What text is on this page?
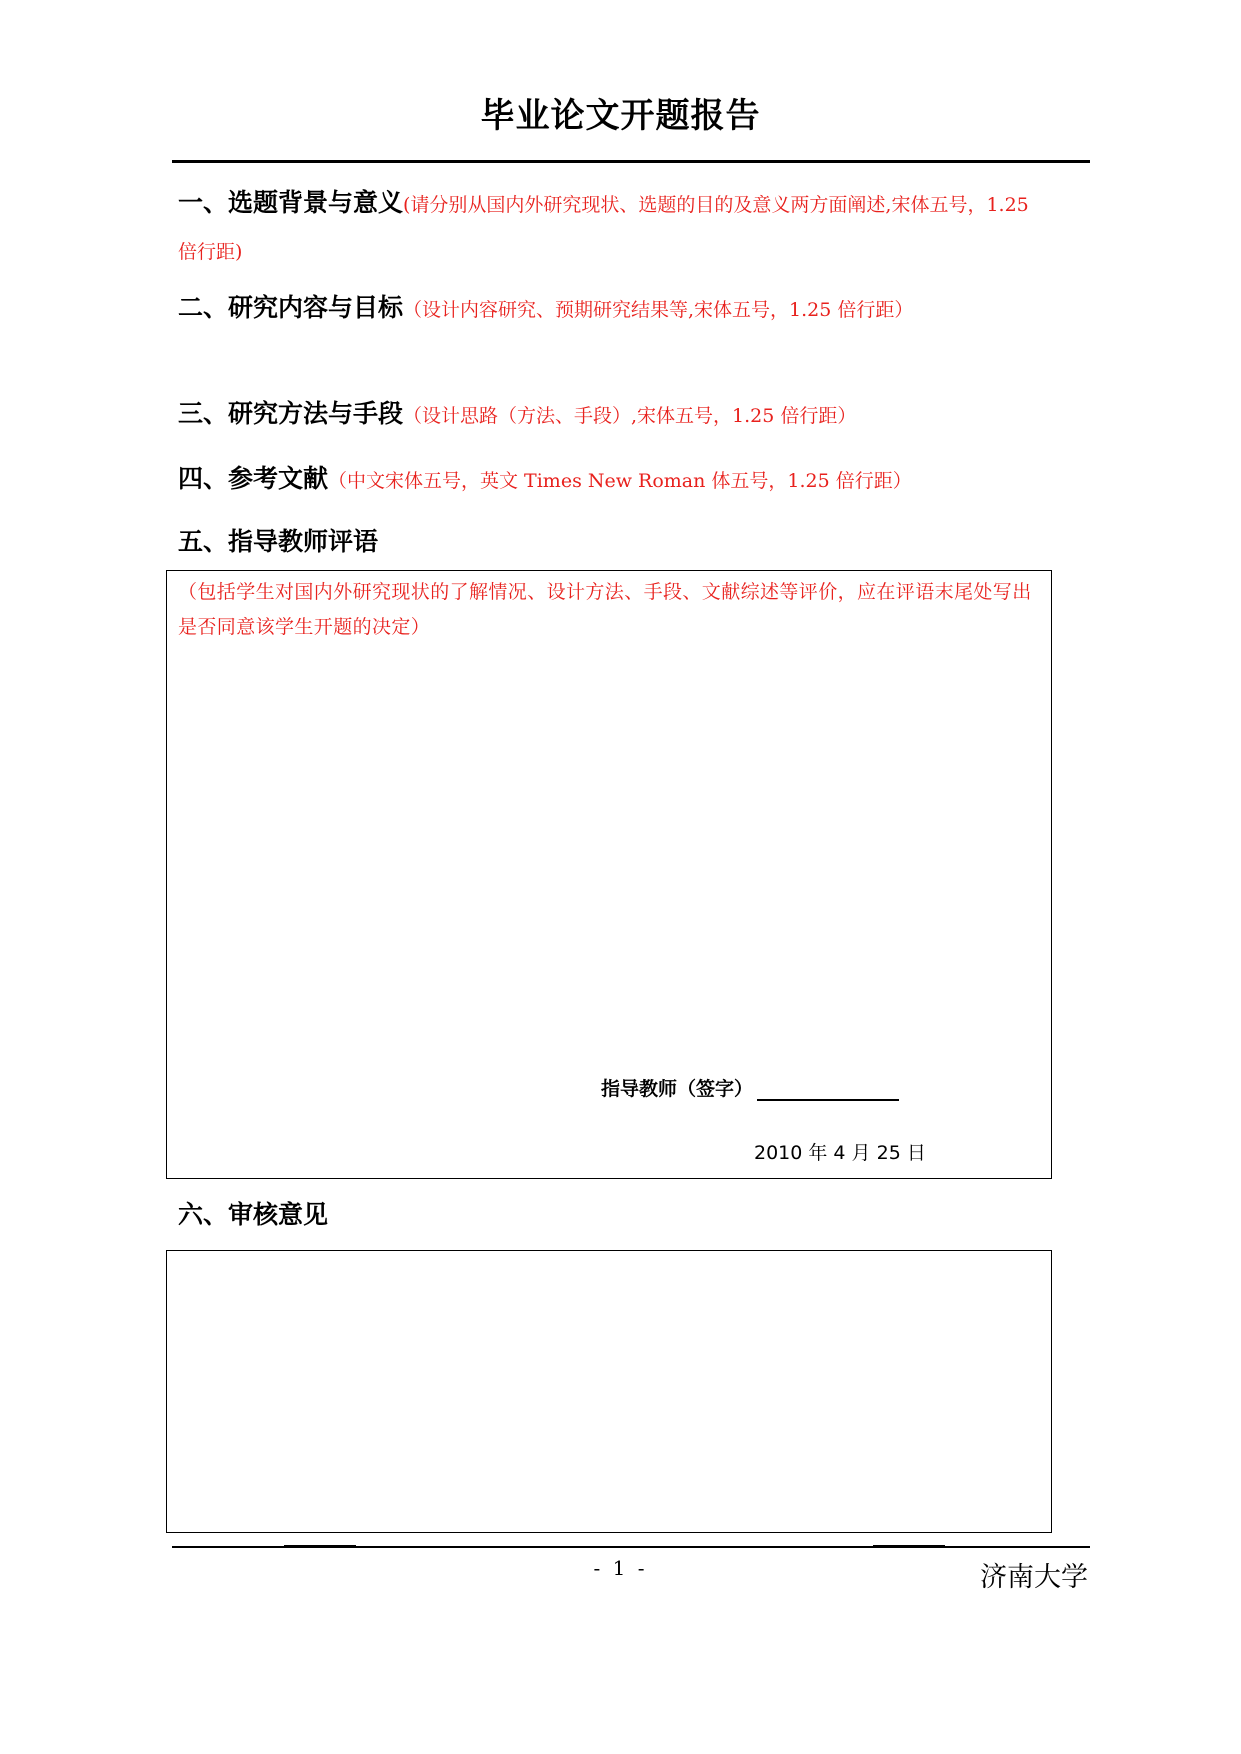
毕业论文开题报告
一、选题背景与意义(请分别从国内外研究现状、选题的目的及意义两方面阐述,宋体五号，1.25
倍行距)
二、研究内容与目标（设计内容研究、预期研究结果等,宋体五号，1.25 倍行距）
三、研究方法与手段（设计思路（方法、手段）,宋体五号，1.25 倍行距）
四、参考文献（中文宋体五号，英文 Times New Roman 体五号，1.25 倍行距）
五、指导教师评语
（包括学生对国内外研究现状的了解情况、设计方法、手段、文献综述等评价，应在评语末尾处写出是否同意该学生开题的决定）
指导教师（签字）
2010 年 4 月 25 日
六、审核意见
- 1 -	济南大学
